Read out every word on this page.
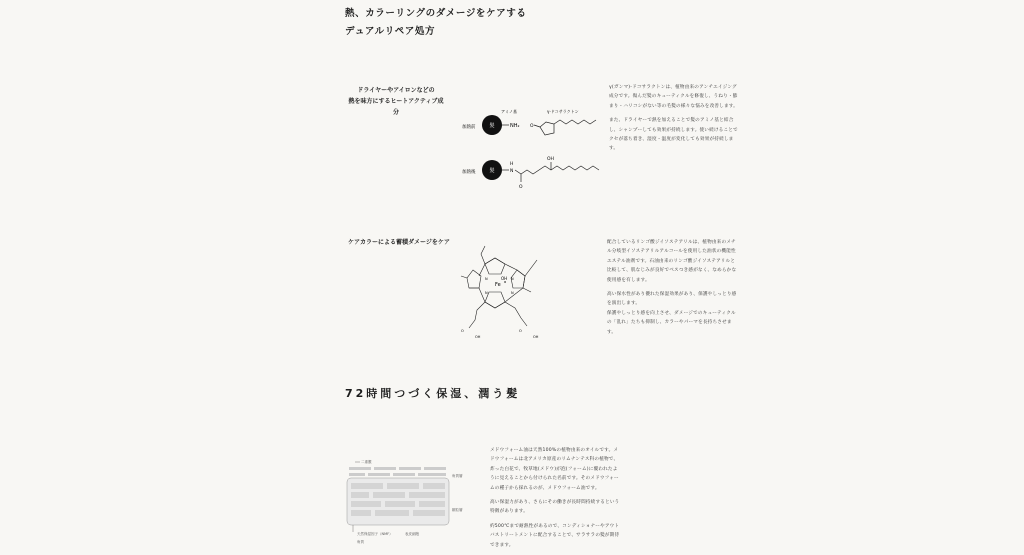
熱、カラーリングのダメージをケアする
デュアルリペア処方
ドライヤーやアイロンなどの
熱を味方にするヒートアクティブ成分
加熱前	髪	NH₂
アミノ基	γ-ドコサラクトン
O
加熱後	髪	N
H
O
OH

γ(ガンマ)-ドコサラクトンは、植物由来のアンチエイジング成分です。傷んだ髪のキューティクルを修復し、うねり・膨まり・ハリコシがない等の毛髪の様々な悩みを改善します。

また、ドライヤーで熱を加えることで髪のアミノ基と結合し、シャンプーしても効果が持続します。使い続けることでクセが落ち着き、湿度・温度が変化しても効果が持続します。

ケアカラーによる蓄積ダメージをケア
OH
Fe Ⅲ
N	N
N	N
O
OH
O
OH

配合しているリンゴ酸ジイソステアリルは、植物由来のメチル分岐型イソステアリルアルコールを使用した油状の機能性エステル油剤です。石油由来のリンゴ酸ジイソステアリルと比較して、肌なじみが良好でベスつき感がなく、なめらかな使用感を有します。

高い保水性があり優れた保湿効果があり、保護やしっとり感を演出します。

保護やしっとり感を向上させ、ダメージでのキューティクルの「乱れ」たちも抑制し、カラーやパーマを長持ちさせます。

72時間つづく保湿、潤う髪
二重膜
角質層
顆粒層
天然保湿因子（NMF）	表皮細胞
角質

メドウフォーム油は天然100%の植物由来のオイルです。メドウフォームは北アメリカ原産のリムナンテス科の植物で、炸った白花で、牧草地(メドウ)が泡(フォーム)に覆われたように見えることから付けられた名前です。そのメドウフォームの種子から採れるのが、メドウフォーム油です。

高い保湿力があり、さらにその働きが長時間持続するという特徴があります。

約500℃まで耐熱性があるので、コンディショナーやアウトバストリートメントに配合することで、サラサラの髪が期待できます。
